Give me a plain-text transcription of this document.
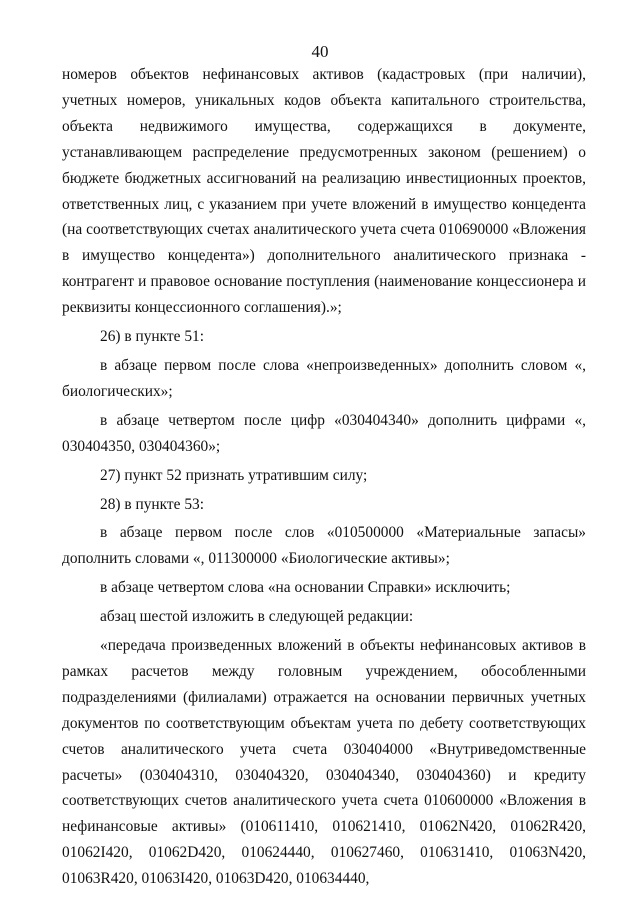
40

номеров объектов нефинансовых активов (кадастровых (при наличии), учетных номеров, уникальных кодов объекта капитального строительства, объекта недвижимого имущества, содержащихся в документе, устанавливающем распределение предусмотренных законом (решением) о бюджете бюджетных ассигнований на реализацию инвестиционных проектов, ответственных лиц, с указанием при учете вложений в имущество концедента (на соответствующих счетах аналитического учета счета 010690000 «Вложения в имущество концедента») дополнительного аналитического признака - контрагент и правовое основание поступления (наименование концессионера и реквизиты концессионного соглашения).»;

26) в пункте 51:

в абзаце первом после слова «непроизведенных» дополнить словом «, биологических»;

в абзаце четвертом после цифр «030404340» дополнить цифрами «, 030404350, 030404360»;

27) пункт 52 признать утратившим силу;

28) в пункте 53:

в абзаце первом после слов «010500000 «Материальные запасы» дополнить словами «, 011300000 «Биологические активы»;

в абзаце четвертом слова «на основании Справки» исключить;

абзац шестой изложить в следующей редакции:

«передача произведенных вложений в объекты нефинансовых активов в рамках расчетов между головным учреждением, обособленными подразделениями (филиалами) отражается на основании первичных учетных документов по соответствующим объектам учета по дебету соответствующих счетов аналитического учета счета 030404000 «Внутриведомственные расчеты» (030404310, 030404320, 030404340, 030404360) и кредиту соответствующих счетов аналитического учета счета 010600000 «Вложения в нефинансовые активы» (010611410, 010621410, 01062N420, 01062R420, 01062I420, 01062D420, 010624440, 010627460, 010631410, 01063N420, 01063R420, 01063I420, 01063D420, 010634440,
